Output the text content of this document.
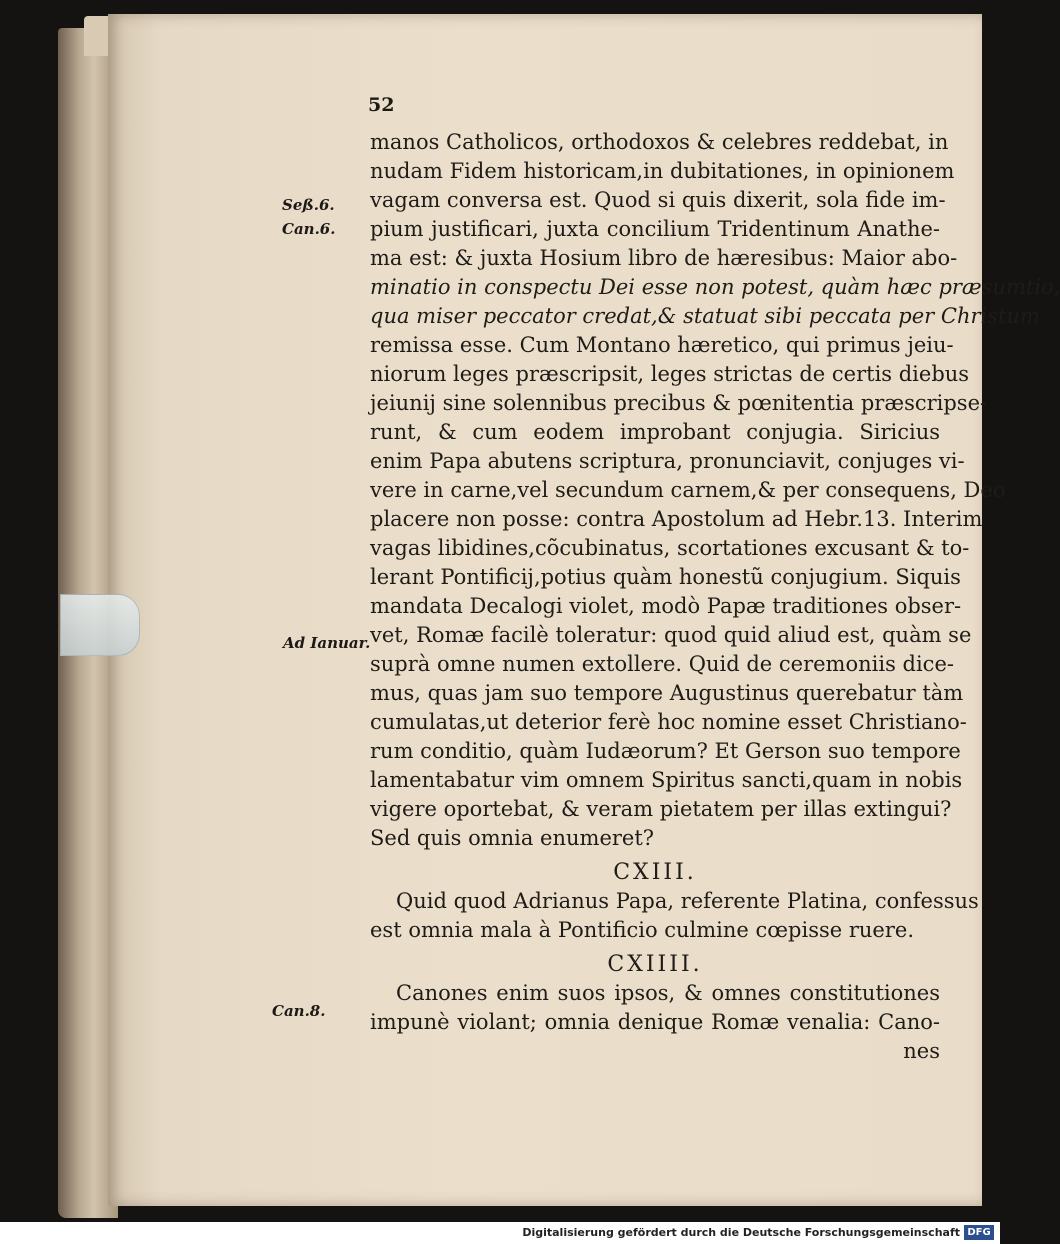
52
Seß.6.
Can.6.
Ad Ianuar.
Can.8.
manos Catholicos, orthodoxos & celebres reddebat, in
nudam Fidem historicam,in dubitationes, in opinionem
vagam conversa est. Quod si quis dixerit, sola fide im-
pium justificari, juxta concilium Tridentinum Anathe-
ma est: & juxta Hosium libro de hæresibus: Maior abo-
minatio in conspectu Dei esse non potest, quàm hæc præsumtio,
qua miser peccator credat,& statuat sibi peccata per Christum
remissa esse. Cum Montano hæretico, qui primus jeiu-
niorum leges præscripsit, leges strictas de certis diebus
jeiunij sine solennibus precibus & pœnitentia præscripse-
runt, & cum eodem improbant conjugia. Siricius
enim Papa abutens scriptura, pronunciavit, conjuges vi-
vere in carne,vel secundum carnem,& per consequens, Deo
placere non posse: contra Apostolum ad Hebr.13. Interim
vagas libidines,cõcubinatus, scortationes excusant & to-
lerant Pontificij,potius quàm honestũ conjugium. Siquis
mandata Decalogi violet, modò Papæ traditiones obser-
vet, Romæ facilè toleratur: quod quid aliud est, quàm se
suprà omne numen extollere. Quid de ceremoniis dice-
mus, quas jam suo tempore Augustinus querebatur tàm
cumulatas,ut deterior ferè hoc nomine esset Christiano-
rum conditio, quàm Iudæorum? Et Gerson suo tempore
lamentabatur vim omnem Spiritus sancti,quam in nobis
vigere oportebat, & veram pietatem per illas extingui?
Sed quis omnia enumeret?
CXIII.
Quid quod Adrianus Papa, referente Platina, confessus
est omnia mala à Pontificio culmine cœpisse ruere.
CXIIII.
Canones enim suos ipsos, & omnes constitutiones
impunè violant; omnia denique Romæ venalia: Cano-
nes
Digitalisierung gefördert durch die Deutsche Forschungsgemeinschaft DFG
